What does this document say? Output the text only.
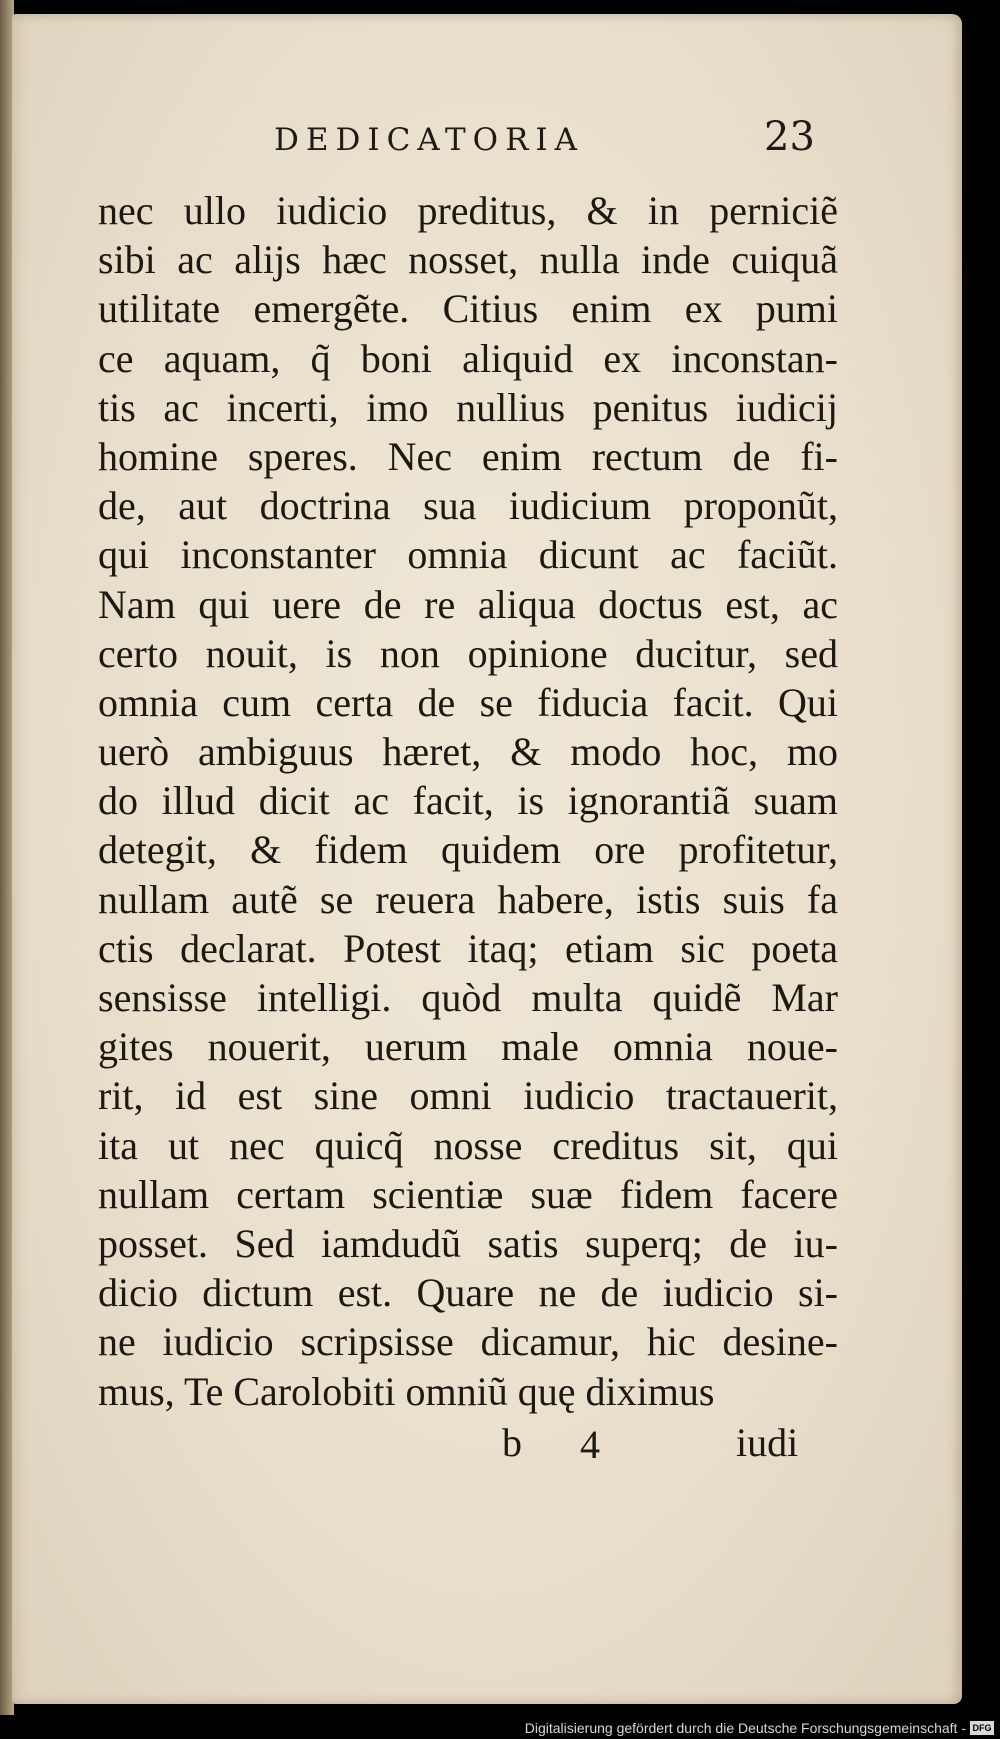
DEDICATORIA	23
nec ullo iudicio preditus, & in perniciẽ
sibi ac alijs hæc nosset, nulla inde cuiquã
utilitate emergẽte. Citius enim ex pumi
ce aquam, q̃ boni aliquid ex inconstan-
tis ac incerti, imo nullius penitus iudicij
homine speres. Nec enim rectum de fi-
de, aut doctrina sua iudicium proponũt,
qui inconstanter omnia dicunt ac faciũt.
Nam qui uere de re aliqua doctus est, ac
certo nouit, is non opinione ducitur, sed
omnia cum certa de se fiducia facit. Qui
uerò ambiguus hæret, & modo hoc, mo
do illud dicit ac facit, is ignorantiã suam
detegit, & fidem quidem ore profitetur,
nullam autẽ se reuera habere, istis suis fa
ctis declarat. Potest itaq; etiam sic poeta
sensisse intelligi. quòd multa quidẽ Mar
gites nouerit, uerum male omnia noue-
rit, id est sine omni iudicio tractauerit,
ita ut nec quicq̃ nosse creditus sit, qui
nullam certam scientiæ suæ fidem facere
posset. Sed iamdudũ satis superq; de iu-
dicio dictum est. Quare ne de iudicio si-
ne iudicio scripsisse dicamur, hic desine-
mus, Te Carolobiti omniũ quę diximus
b 4	iudi
Digitalisierung gefördert durch die Deutsche Forschungsgemeinschaft - DFG
